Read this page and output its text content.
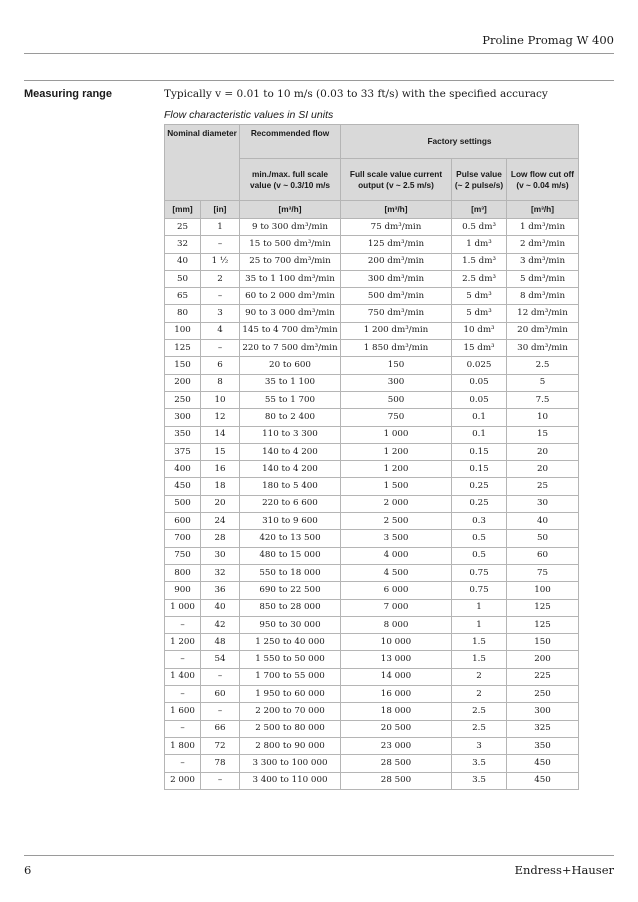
Proline Promag W 400
Measuring range	Typically v = 0.01 to 10 m/s (0.03 to 33 ft/s) with the specified accuracy
Flow characteristic values in SI units
Nominal diameter		Recommended flow	Factory settings		
		min./max. full scale value (v ~ 0.3/10 m/s	Full scale value current output (v ~ 2.5 m/s)	Pulse value (~ 2 pulse/s)	Low flow cut off (v ~ 0.04 m/s)
[mm]	[in]	[m³/h]	[m³/h]	[m³]	[m³/h]
25	1	9 to 300 dm³/min	75 dm³/min	0.5 dm³	1 dm³/min
32	–	15 to 500 dm³/min	125 dm³/min	1 dm³	2 dm³/min
40	1 ½	25 to 700 dm³/min	200 dm³/min	1.5 dm³	3 dm³/min
50	2	35 to 1 100 dm³/min	300 dm³/min	2.5 dm³	5 dm³/min
65	–	60 to 2 000 dm³/min	500 dm³/min	5 dm³	8 dm³/min
80	3	90 to 3 000 dm³/min	750 dm³/min	5 dm³	12 dm³/min
100	4	145 to 4 700 dm³/min	1 200 dm³/min	10 dm³	20 dm³/min
125	–	220 to 7 500 dm³/min	1 850 dm³/min	15 dm³	30 dm³/min
150	6	20 to 600	150	0.025	2.5
200	8	35 to 1 100	300	0.05	5
250	10	55 to 1 700	500	0.05	7.5
300	12	80 to 2 400	750	0.1	10
350	14	110 to 3 300	1 000	0.1	15
375	15	140 to 4 200	1 200	0.15	20
400	16	140 to 4 200	1 200	0.15	20
450	18	180 to 5 400	1 500	0.25	25
500	20	220 to 6 600	2 000	0.25	30
600	24	310 to 9 600	2 500	0.3	40
700	28	420 to 13 500	3 500	0.5	50
750	30	480 to 15 000	4 000	0.5	60
800	32	550 to 18 000	4 500	0.75	75
900	36	690 to 22 500	6 000	0.75	100
1 000	40	850 to 28 000	7 000	1	125
–	42	950 to 30 000	8 000	1	125
1 200	48	1 250 to 40 000	10 000	1.5	150
–	54	1 550 to 50 000	13 000	1.5	200
1 400	–	1 700 to 55 000	14 000	2	225
–	60	1 950 to 60 000	16 000	2	250
1 600	–	2 200 to 70 000	18 000	2.5	300
–	66	2 500 to 80 000	20 500	2.5	325
1 800	72	2 800 to 90 000	23 000	3	350
–	78	3 300 to 100 000	28 500	3.5	450
2 000	–	3 400 to 110 000	28 500	3.5	450
6	Endress+Hauser
